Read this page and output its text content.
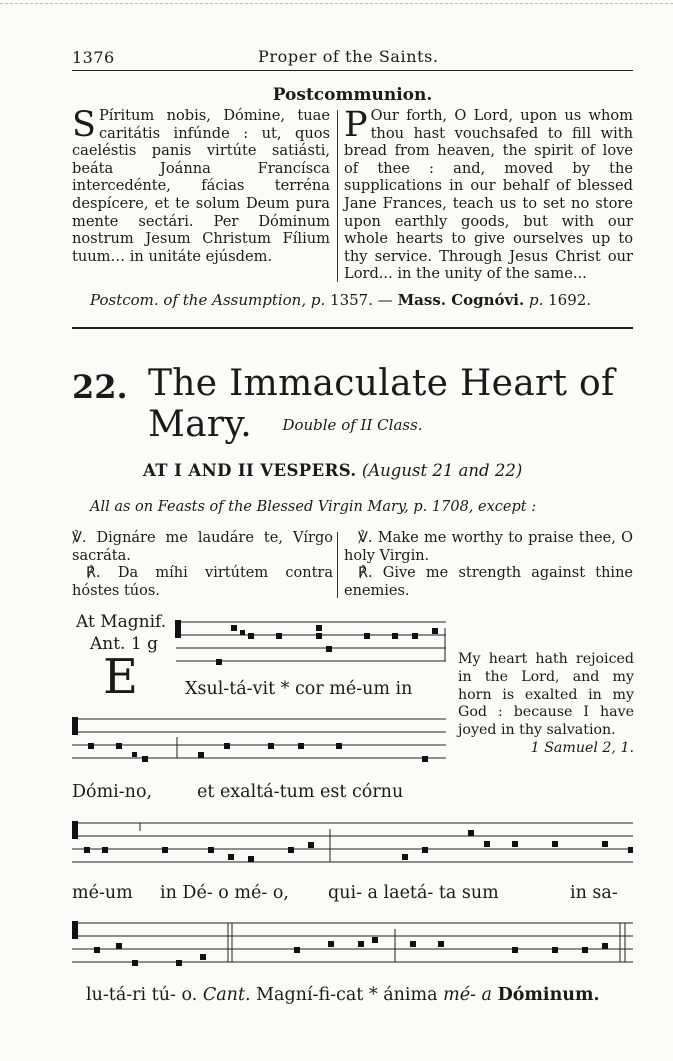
1376	Proper of the Saints.
Postcommunion.

S Píritum nobis, Dómine, tuae caritátis infúnde : ut, quos caeléstis panis virtúte satiásti, beáta Joánna Francísca intercedénte, fácias terréna despícere, et te solum Deum pura mente sectári. Per Dóminum nostrum Jesum Christum Fílium tuum… in unitáte ejúsdem.

P Our forth, O Lord, upon us whom thou hast vouchsafed to fill with bread from heaven, the spirit of love of thee : and, moved by the supplications in our behalf of blessed Jane Frances, teach us to set no store upon earthly goods, but with our whole hearts to give ourselves up to thy service. Through Jesus Christ our Lord... in the unity of the same...

Postcom. of the Assumption, p. 1357. — Mass. Cognóvi. p. 1692.
22. The Immaculate Heart of Mary.	Double of II Class.
AT I AND II VESPERS. (August 21 and 22)
All as on Feasts of the Blessed Virgin Mary, p. 1708, except :

℣. Dignáre me laudáre te, Vírgo sacráta.

℟. Da míhi virtútem contra hóstes túos.

℣. Make me worthy to praise thee, O holy Virgin.

℟. Give me strength against thine enemies.

At Magnif.
Ant. 1 g
E	Xsul-tá-vit * cor mé-um in

My heart hath rejoiced in the Lord, and my horn is exalted in my God : because I have joyed in thy salvation.
1 Samuel 2, 1.

Dómi-no,	et exaltá-tum est córnu
mé-um in Dé- o mé- o, qui- a laetá- ta sum	in sa-
lu-tá-ri tú- o. Cant. Magní-fi-cat * ánima mé- a Dóminum.
